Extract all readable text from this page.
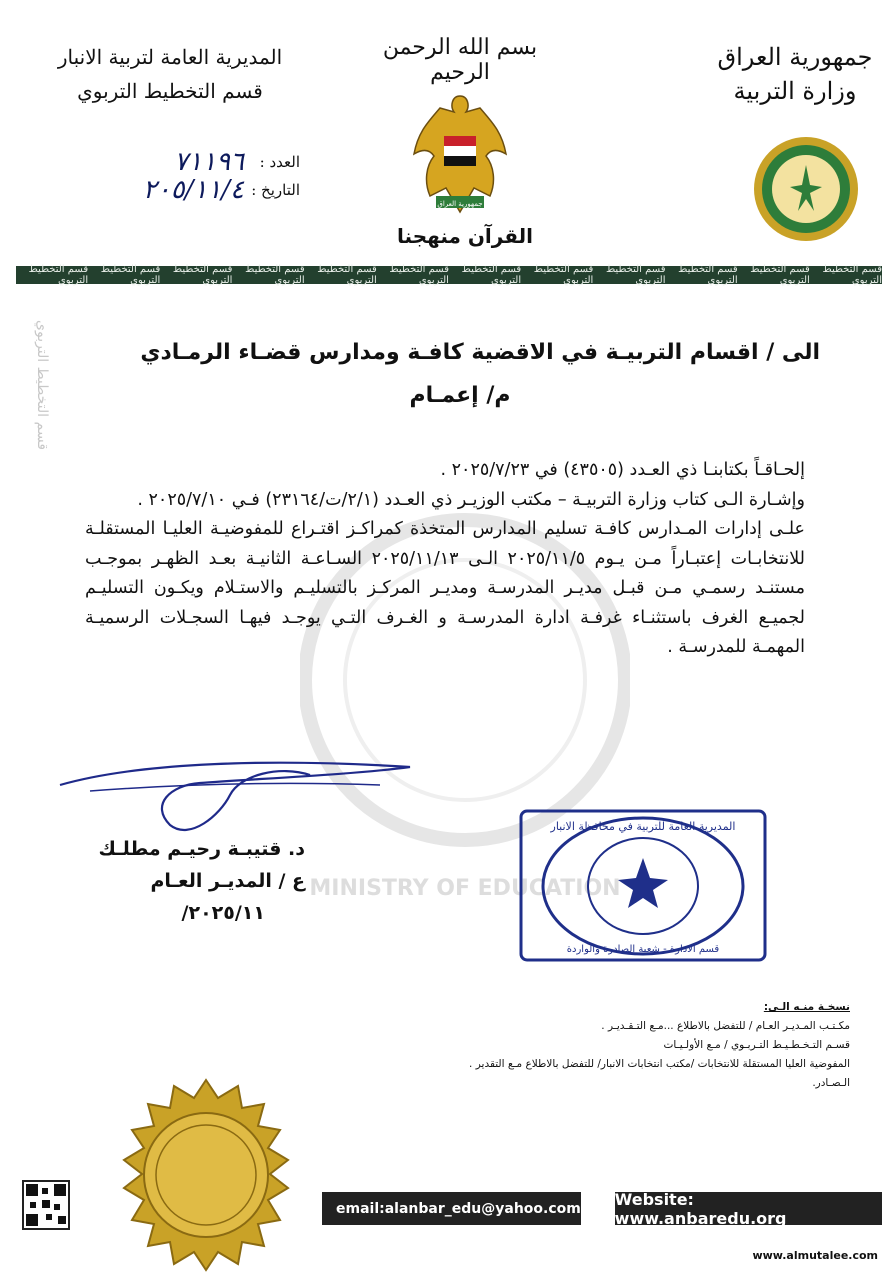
قسم التخطيط التربوي
جمهورية العراق
وزارة التربية
بسم الله الرحمن الرحيم
جمهورية العراق
القرآن منهجنا
المديرية العامة لتربية الانبار
قسم التخطيط التربوي
العدد :
٧١١٩٦
التاريخ :
٢٠٥/١١/٤
قسم التخطيط التربوي
قسم التخطيط التربوي
قسم التخطيط التربوي
قسم التخطيط التربوي
قسم التخطيط التربوي
قسم التخطيط التربوي
قسم التخطيط التربوي
قسم التخطيط التربوي
قسم التخطيط التربوي
قسم التخطيط التربوي
قسم التخطيط التربوي
قسم التخطيط التربوي
MINISTRY OF EDUCATION
الى / اقسام التربيـة في الاقضية كافـة ومدارس قضـاء الرمـادي
م/ إعمـام

إلحـاقـاً بكتابنـا ذي العـدد (٤٣٥٠٥) في ٢٠٢٥/٧/٢٣ .

وإشـارة الـى كتاب وزارة التربيـة – مكتب الوزيـر ذي العـدد (٢/١/ت/٢٣١٦٤) فـي ٢٠٢٥/٧/١٠ .

علـى إدارات المـدارس كافـة تسليم المدارس المتخذة كمراكـز اقتـراع للمفوضيـة العليـا المستقلـة للانتخابـات إعتبـاراً مـن يـوم ٢٠٢٥/١١/٥ الـى ٢٠٢٥/١١/١٣ السـاعـة الثانيـة بعـد الظهـر بموجـب مستنـد رسمـي مـن قبـل مديـر المدرسـة ومديـر المركـز بالتسليـم والاستـلام ويكـون التسليـم لجميـع الغرف باستثنـاء غرفـة ادارة المدرسـة و الغـرف التـي يوجـد فيهـا السجـلات الرسميـة المهمـة للمدرسـة .

د. قتيبـة رحيـم مطلـك
ع / المديـر العـام
٢٠٢٥/١١/
المديرية العامة للتربية في محافظة الانبار
قسم الادارة - شعبة الصادرة والواردة
نسخـة منـه الـى:
مكـتـب المـديـر العـام / للتفضل بالاطلاع ...مـع التـقـديـر .
قسـم التـخـطـيـط التـربـوي / مـع الأولـيـات
المفوضية العليا المستقلة للانتخابات /مكتب انتخابات الانبار/ للتفضل بالاطلاع مـع التقدير .
الـصـادر.
email:alanbar_edu@yahoo.com Website: www.anbaredu.org
www.almutalee.com
